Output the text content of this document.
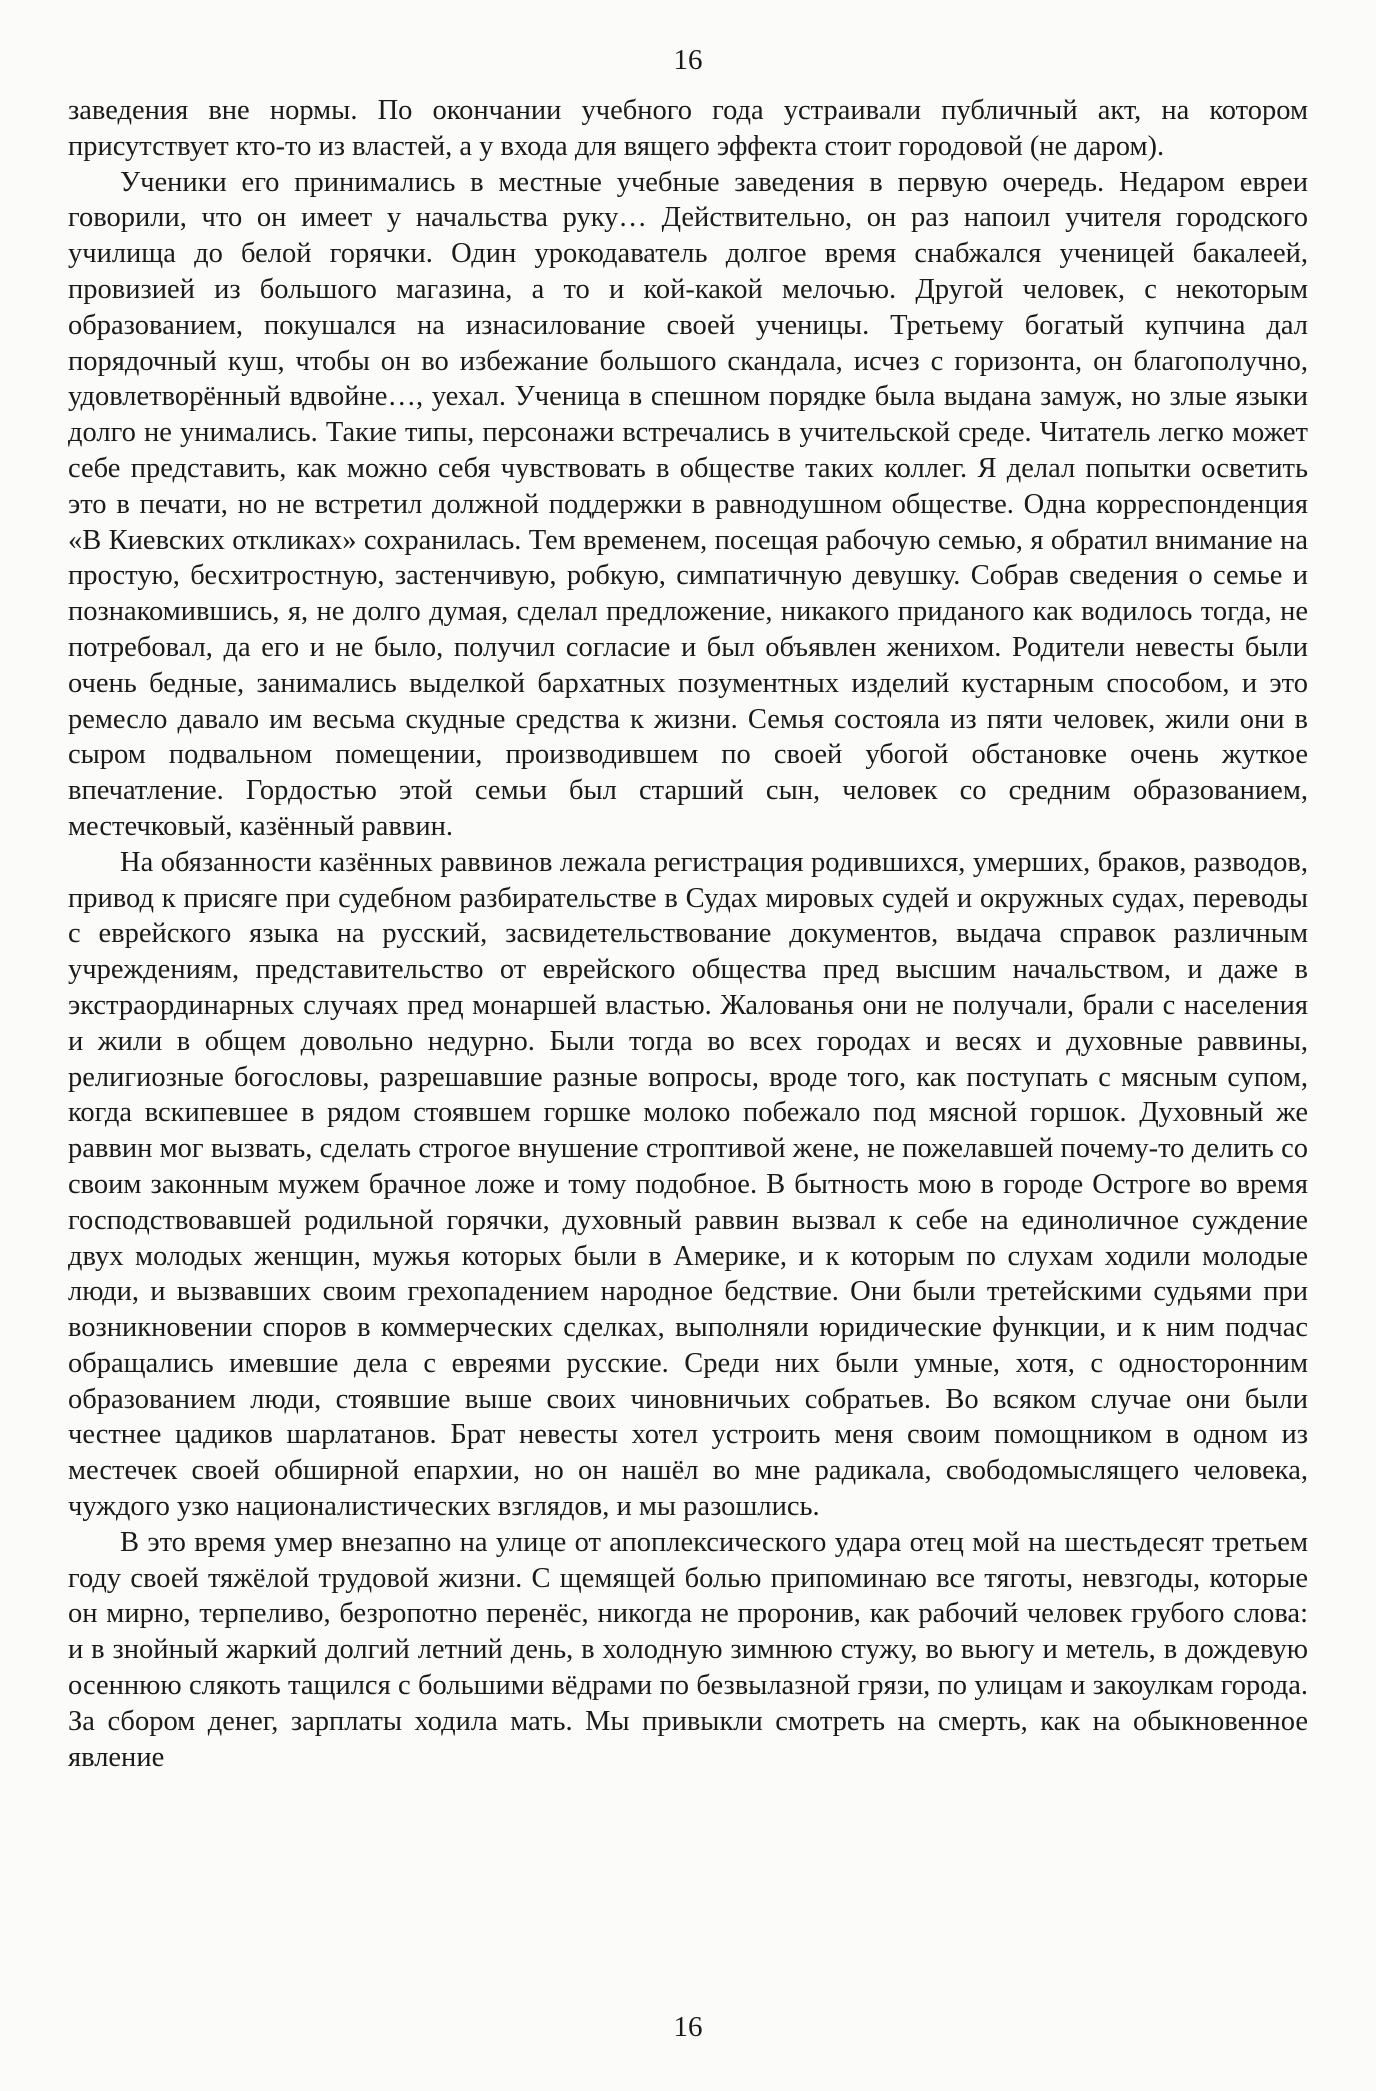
16

заведения вне нормы. По окончании учебного года устраивали публичный акт, на котором присутствует кто-то из властей, а у входа для вящего эффекта стоит городовой (не даром).

Ученики его принимались в местные учебные заведения в первую очередь. Недаром евреи говорили, что он имеет у начальства руку… Действительно, он раз напоил учителя городского училища до белой горячки. Один урокодаватель долгое время снабжался ученицей бакалеей, провизией из большого магазина, а то и кой-какой мелочью. Другой человек, с некоторым образованием, покушался на изнасилование своей ученицы. Третьему богатый купчина дал порядочный куш, чтобы он во избежание большого скандала, исчез с горизонта, он благополучно, удовлетворённый вдвойне…, уехал. Ученица в спешном порядке была выдана замуж, но злые языки долго не унимались. Такие типы, персонажи встречались в учительской среде. Читатель легко может себе представить, как можно себя чувствовать в обществе таких коллег. Я делал попытки осветить это в печати, но не встретил должной поддержки в равнодушном обществе. Одна корреспонденция «В Киевских откликах» сохранилась. Тем временем, посещая рабочую семью, я обратил внимание на простую, бесхитростную, застенчивую, робкую, симпатичную девушку. Собрав сведения о семье и познакомившись, я, не долго думая, сделал предложение, никакого приданого как водилось тогда, не потребовал, да его и не было, получил согласие и был объявлен женихом. Родители невесты были очень бедные, занимались выделкой бархатных позументных изделий кустарным способом, и это ремесло давало им весьма скудные средства к жизни. Семья состояла из пяти человек, жили они в сыром подвальном помещении, производившем по своей убогой обстановке очень жуткое впечатление. Гордостью этой семьи был старший сын, человек со средним образованием, местечковый, казённый раввин.

На обязанности казённых раввинов лежала регистрация родившихся, умерших, браков, разводов, привод к присяге при судебном разбирательстве в Судах мировых судей и окружных судах, переводы с еврейского языка на русский, засвидетельствование документов, выдача справок различным учреждениям, представительство от еврейского общества пред высшим начальством, и даже в экстраординарных случаях пред монаршей властью. Жалованья они не получали, брали с населения и жили в общем довольно недурно. Были тогда во всех городах и весях и духовные раввины, религиозные богословы, разрешавшие разные вопросы, вроде того, как поступать с мясным супом, когда вскипевшее в рядом стоявшем горшке молоко побежало под мясной горшок. Духовный же раввин мог вызвать, сделать строгое внушение строптивой жене, не пожелавшей почему-то делить со своим законным мужем брачное ложе и тому подобное. В бытность мою в городе Остроге во время господствовавшей родильной горячки, духовный раввин вызвал к себе на единоличное суждение двух молодых женщин, мужья которых были в Америке, и к которым по слухам ходили молодые люди, и вызвавших своим грехопадением народное бедствие. Они были третейскими судьями при возникновении споров в коммерческих сделках, выполняли юридические функции, и к ним подчас обращались имевшие дела с евреями русские. Среди них были умные, хотя, с односторонним образованием люди, стоявшие выше своих чиновничьих собратьев. Во всяком случае они были честнее цадиков шарлатанов. Брат невесты хотел устроить меня своим помощником в одном из местечек своей обширной епархии, но он нашёл во мне радикала, свободомыслящего человека, чуждого узко националистических взглядов, и мы разошлись.

В это время умер внезапно на улице от апоплексического удара отец мой на шестьдесят третьем году своей тяжёлой трудовой жизни. С щемящей болью припоминаю все тяготы, невзгоды, которые он мирно, терпеливо, безропотно перенёс, никогда не проронив, как рабочий человек грубого слова: и в знойный жаркий долгий летний день, в холодную зимнюю стужу, во вьюгу и метель, в дождевую осеннюю слякоть тащился с большими вёдрами по безвылазной грязи, по улицам и закоулкам города. За сбором денег, зарплаты ходила мать. Мы привыкли смотреть на смерть, как на обыкновенное явление

16
